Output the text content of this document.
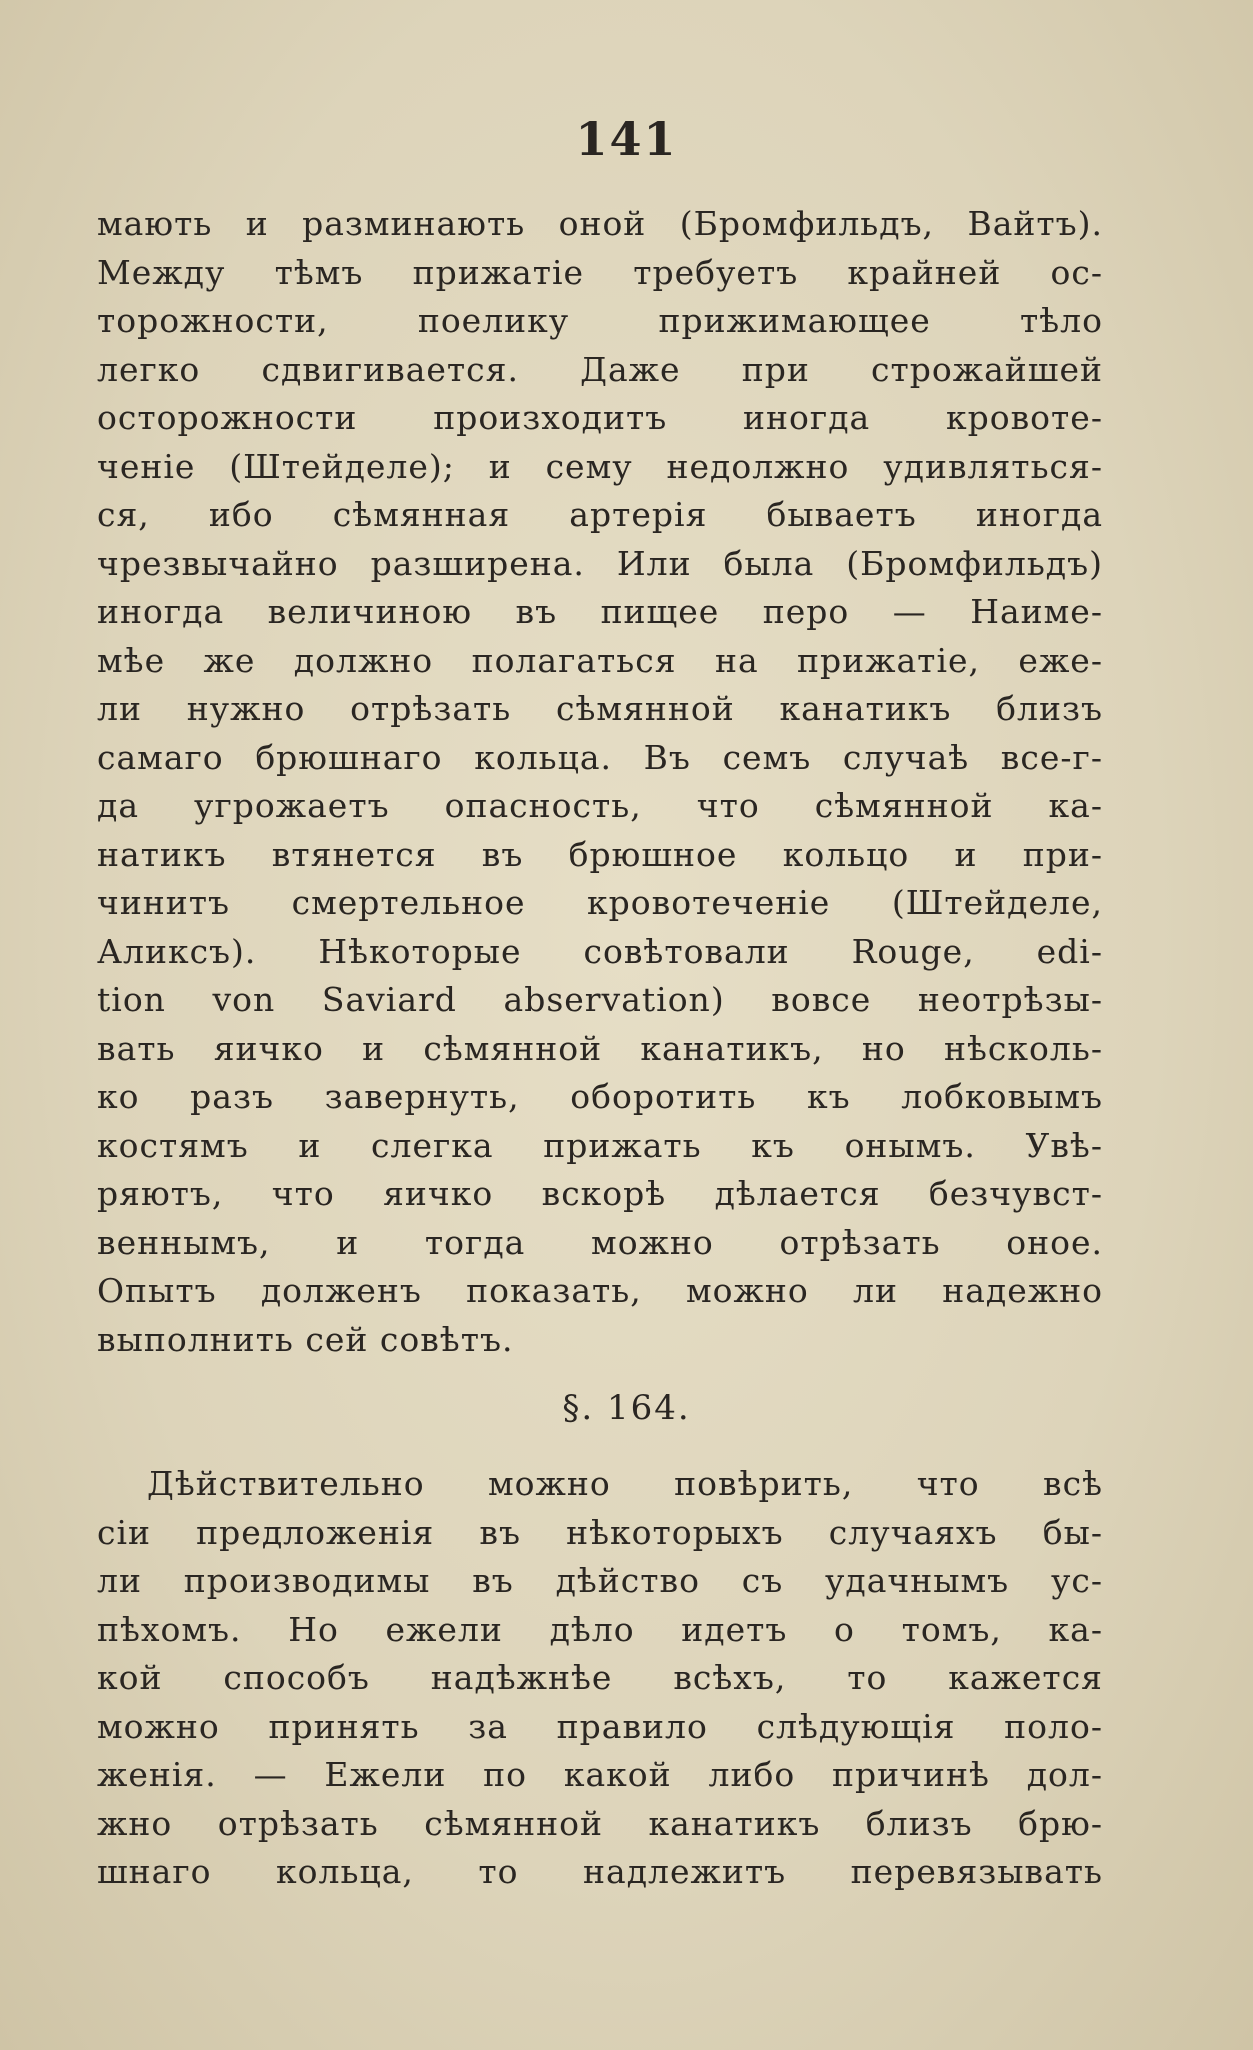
141
мають и разминають оной (Бромфильдъ, Вайтъ).
Между тѣмъ прижатіе требуетъ крайней ос-
торожности, поелику прижимающее тѣло
легко сдвигивается. Даже при строжайшей
осторожности произходитъ иногда кровоте-
ченіе (Штейделе); и сему недолжно удивляться-
ся, ибо сѣмянная артерія бываетъ иногда
чрезвычайно разширена. Или была (Бромфильдъ)
иногда величиною въ пищее перо — Наиме-
мѣе же должно полагаться на прижатіе, еже-
ли нужно отрѣзать сѣмянной канатикъ близъ
самаго брюшнаго кольца. Въ семъ случаѣ все-г-
да угрожаетъ опасность, что сѣмянной ка-
натикъ втянется въ брюшное кольцо и при-
чинитъ смертельное кровотеченіе (Штейделе,
Аликсъ). Нѣкоторые совѣтовали Rouge, edi-
tion von Saviard abservation) вовсе неотрѣзы-
вать яичко и сѣмянной канатикъ, но нѣсколь-
ко разъ завернуть, оборотить къ лобковымъ
костямъ и слегка прижать къ онымъ. Увѣ-
ряютъ, что яичко вскорѣ дѣлается безчувст-
веннымъ, и тогда можно отрѣзать оное.
Опытъ долженъ показать, можно ли надежно
выполнить сей совѣтъ.
§. 164.
Дѣйствительно можно повѣрить, что всѣ
сіи предложенія въ нѣкоторыхъ случаяхъ бы-
ли производимы въ дѣйство съ удачнымъ ус-
пѣхомъ. Но ежели дѣло идетъ о томъ, ка-
кой способъ надѣжнѣе всѣхъ, то кажется
можно принять за правило слѣдующія поло-
женія. — Ежели по какой либо причинѣ дол-
жно отрѣзать сѣмянной канатикъ близъ брю-
шнаго кольца, то надлежитъ перевязывать
